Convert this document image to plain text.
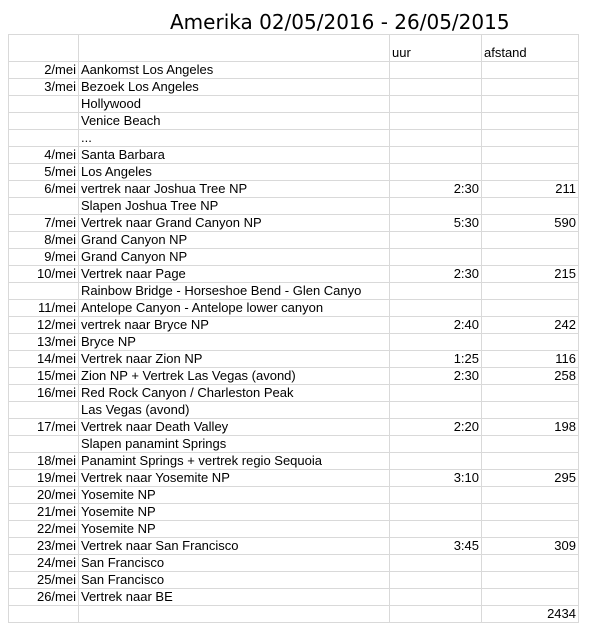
Amerika 02/05/2016 - 26/05/2015
		uur	afstand
2/mei	Aankomst Los Angeles		
3/mei	Bezoek Los Angeles		
	Hollywood		
	Venice Beach		
	...		
4/mei	Santa Barbara		
5/mei	Los Angeles		
6/mei	vertrek naar Joshua Tree NP	2:30	211
	Slapen Joshua Tree NP		
7/mei	Vertrek naar Grand Canyon NP	5:30	590
8/mei	Grand Canyon NP		
9/mei	Grand Canyon NP		
10/mei	Vertrek naar Page	2:30	215
	Rainbow Bridge - Horseshoe Bend - Glen Canyo		
11/mei	Antelope Canyon - Antelope lower canyon		
12/mei	vertrek naar Bryce NP	2:40	242
13/mei	Bryce NP		
14/mei	Vertrek naar Zion NP	1:25	116
15/mei	Zion NP + Vertrek Las Vegas (avond)	2:30	258
16/mei	Red Rock Canyon / Charleston Peak		
	Las Vegas (avond)		
17/mei	Vertrek naar Death Valley	2:20	198
	Slapen panamint Springs		
18/mei	Panamint Springs + vertrek regio Sequoia		
19/mei	Vertrek naar Yosemite NP	3:10	295
20/mei	Yosemite NP		
21/mei	Yosemite NP		
22/mei	Yosemite NP		
23/mei	Vertrek naar San Francisco	3:45	309
24/mei	San Francisco		
25/mei	San Francisco		
26/mei	Vertrek naar BE		
			2434
